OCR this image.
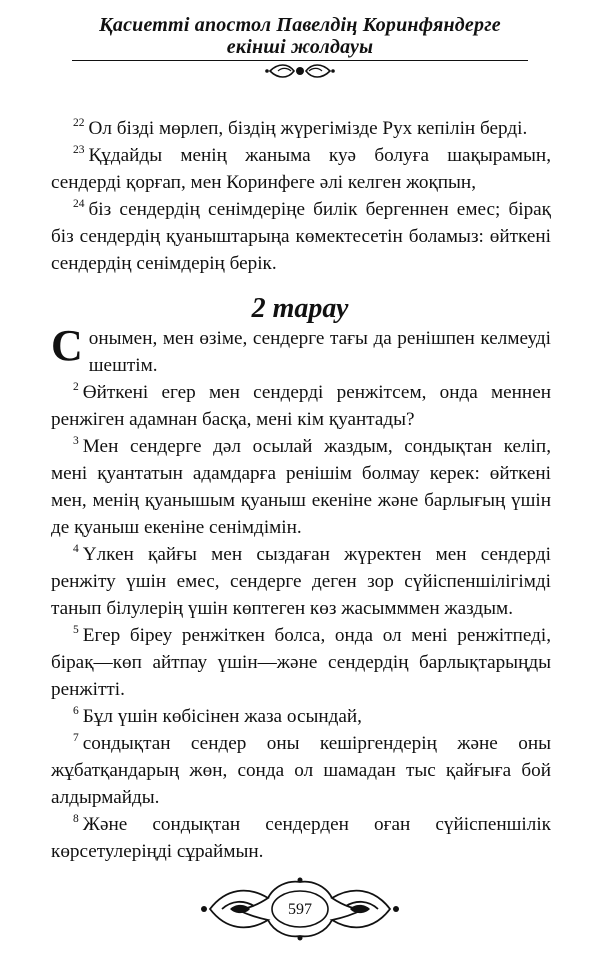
Қасиетті апостол Павелдің Коринфяндерге
екінші жолдауы

$^{22}$ Ол бізді мөрлеп, біздің жүрегімізде Рух кепілін берді.

$^{23}$ Құдайды менің жаныма куә болуға шақырамын, сендерді қорғап, мен Коринфеге әлі келген жоқпын,

$^{24}$ біз сендердің сенімдеріңе билік бергеннен емес; бірақ біз сендердің қуаныштарыңа көмектесетін боламыз: өйткені сендердің сенімдерің берік.

2 тарау

Сонымен, мен өзіме, сендерге тағы да ренішпен келмеуді шештім.

$^2$ Өйткені егер мен сендерді ренжітсем, онда меннен ренжіген адамнан басқа, мені кім қуантады?

$^3$ Мен сендерге дәл осылай жаздым, сондықтан келіп, мені қуантатын адамдарға ренішім болмау керек: өйткені мен, менің қуанышым қуаныш екеніне және барлығың үшін де қуаныш екеніне сенімдімін.

$^4$ Үлкен қайғы мен сыздаған жүректен мен сендерді ренжіту үшін емес, сендерге деген зор сүйіспеншілігімді танып білулерің үшін көптеген көз жасымммен жаздым.

$^5$ Егер біреу ренжіткен болса, онда ол мені ренжітпеді, бірақ—көп айтпау үшін—және сендердің барлықтарыңды ренжітті.

$^6$ Бұл үшін көбісінен жаза осындай,

$^7$ сондықтан сендер оны кешіргендерің және оны жұбатқандарың жөн, сонда ол шамадан тыс қайғыға бой алдырмайды.

$^8$ Және сондықтан сендерден оған сүйіспеншілік көрсетулеріңді сұраймын.

597
